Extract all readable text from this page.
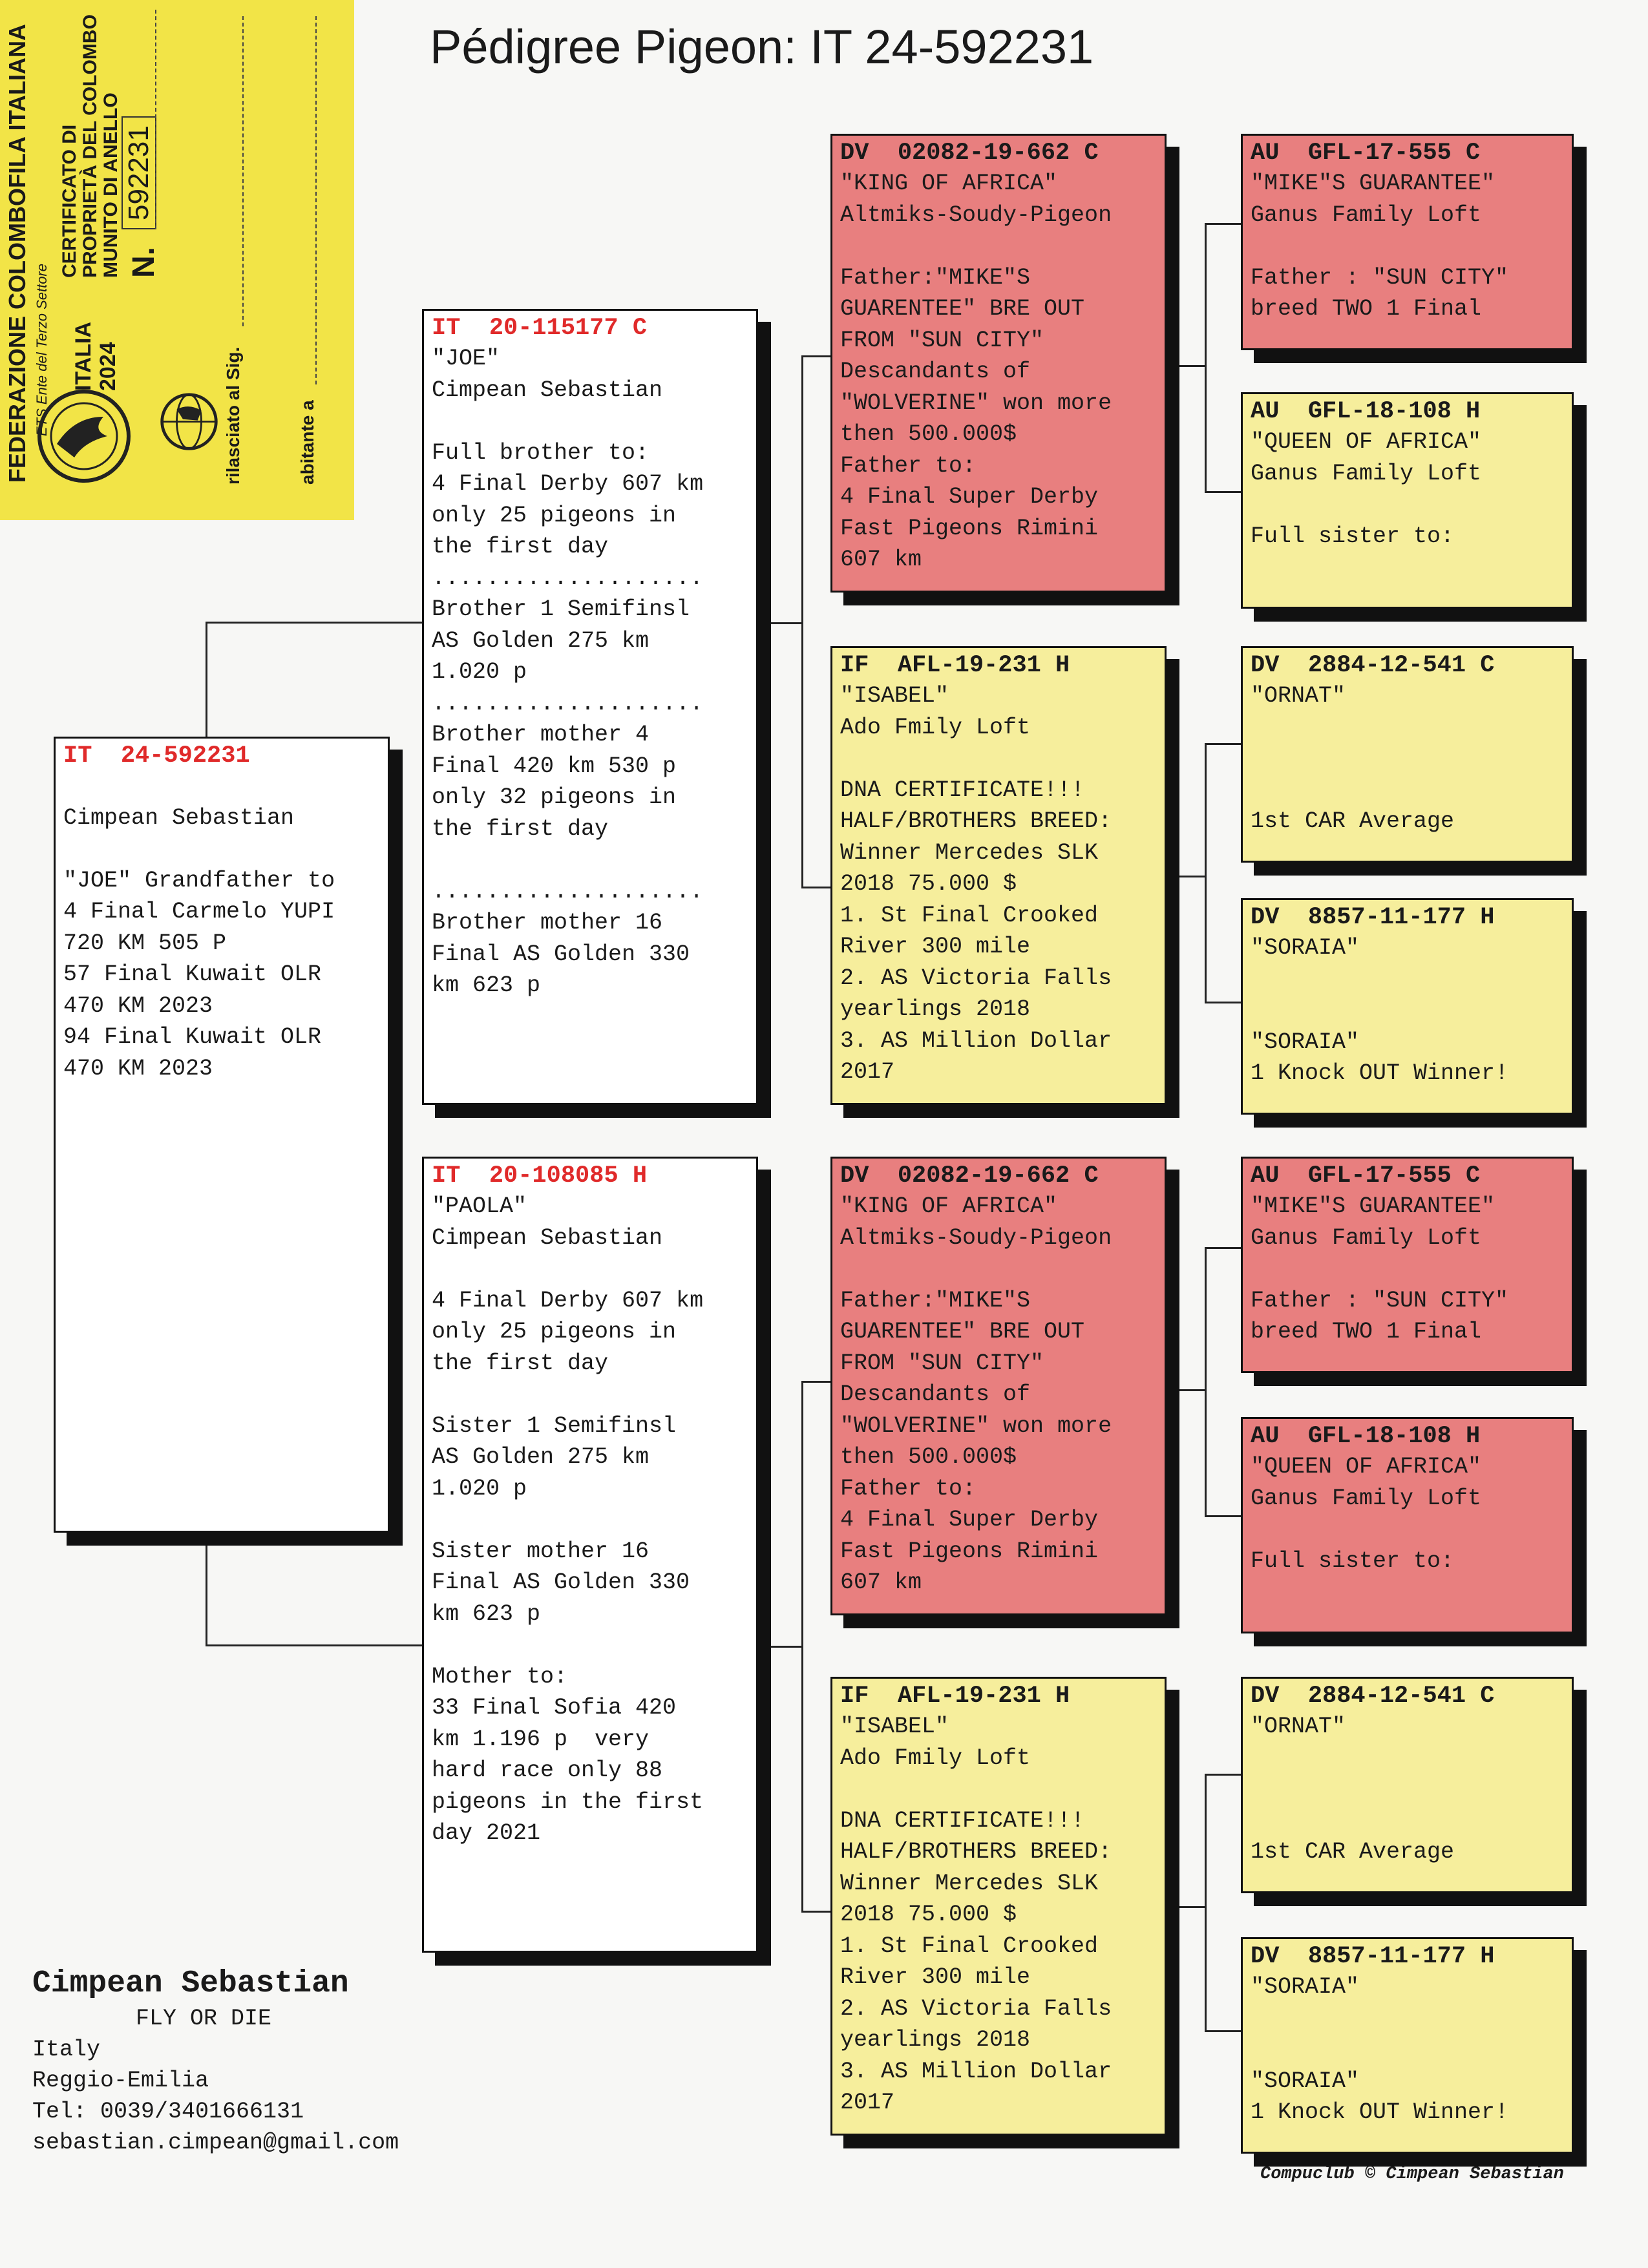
FEDERAZIONE COLOMBOFILA ITALIANA ETS Ente del Terzo Settore ITALIA
2024
CERTIFICATO DI
PROPRIETÀ DEL COLOMBO
MUNITO DI ANELLO N.
592231
rilasciato al Sig.	abitante a
Pédigree Pigeon: IT 24-592231
IT  24-592231

Cimpean Sebastian

"JOE" Grandfather to
4 Final Carmelo YUPI
720 KM 505 P
57 Final Kuwait OLR
470 KM 2023
94 Final Kuwait OLR
470 KM 2023
IT  20-115177 C
"JOE"
Cimpean Sebastian

Full brother to:
4 Final Derby 607 km
only 25 pigeons in
the first day
....................
Brother 1 Semifinsl
AS Golden 275 km
1.020 p
....................
Brother mother 4
Final 420 km 530 p
only 32 pigeons in
the first day

....................
Brother mother 16
Final AS Golden 330
km 623 p
IT  20-108085 H
"PAOLA"
Cimpean Sebastian

4 Final Derby 607 km
only 25 pigeons in
the first day

Sister 1 Semifinsl
AS Golden 275 km
1.020 p

Sister mother 16
Final AS Golden 330
km 623 p

Mother to:
33 Final Sofia 420
km 1.196 p  very
hard race only 88
pigeons in the first
day 2021
DV  02082-19-662 C
"KING OF AFRICA"
Altmiks-Soudy-Pigeon

Father:"MIKE"S
GUARENTEE" BRE OUT
FROM "SUN CITY"
Descandants of
"WOLVERINE" won more
then 500.000$
Father to:
4 Final Super Derby
Fast Pigeons Rimini
607 km
IF  AFL-19-231 H
"ISABEL"
Ado Fmily Loft

DNA CERTIFICATE!!!
HALF/BROTHERS BREED:
Winner Mercedes SLK
2018 75.000 $
1. St Final Crooked
River 300 mile
2. AS Victoria Falls
yearlings 2018
3. AS Million Dollar
2017
DV  02082-19-662 C
"KING OF AFRICA"
Altmiks-Soudy-Pigeon

Father:"MIKE"S
GUARENTEE" BRE OUT
FROM "SUN CITY"
Descandants of
"WOLVERINE" won more
then 500.000$
Father to:
4 Final Super Derby
Fast Pigeons Rimini
607 km
IF  AFL-19-231 H
"ISABEL"
Ado Fmily Loft

DNA CERTIFICATE!!!
HALF/BROTHERS BREED:
Winner Mercedes SLK
2018 75.000 $
1. St Final Crooked
River 300 mile
2. AS Victoria Falls
yearlings 2018
3. AS Million Dollar
2017
AU  GFL-17-555 C
"MIKE"S GUARANTEE"
Ganus Family Loft

Father : "SUN CITY"
breed TWO 1 Final
AU  GFL-18-108 H
"QUEEN OF AFRICA"
Ganus Family Loft

Full sister to:
DV  2884-12-541 C
"ORNAT"

1st CAR Average
DV  8857-11-177 H
"SORAIA"

"SORAIA"
1 Knock OUT Winner!
AU  GFL-17-555 C
"MIKE"S GUARANTEE"
Ganus Family Loft

Father : "SUN CITY"
breed TWO 1 Final
AU  GFL-18-108 H
"QUEEN OF AFRICA"
Ganus Family Loft

Full sister to:
DV  2884-12-541 C
"ORNAT"

1st CAR Average
DV  8857-11-177 H
"SORAIA"

"SORAIA"
1 Knock OUT Winner!
Cimpean Sebastian
FLY OR DIE
Italy
Reggio-Emilia
Tel: 0039/3401666131
sebastian.cimpean@gmail.com
Compuclub © Cimpean Sebastian
